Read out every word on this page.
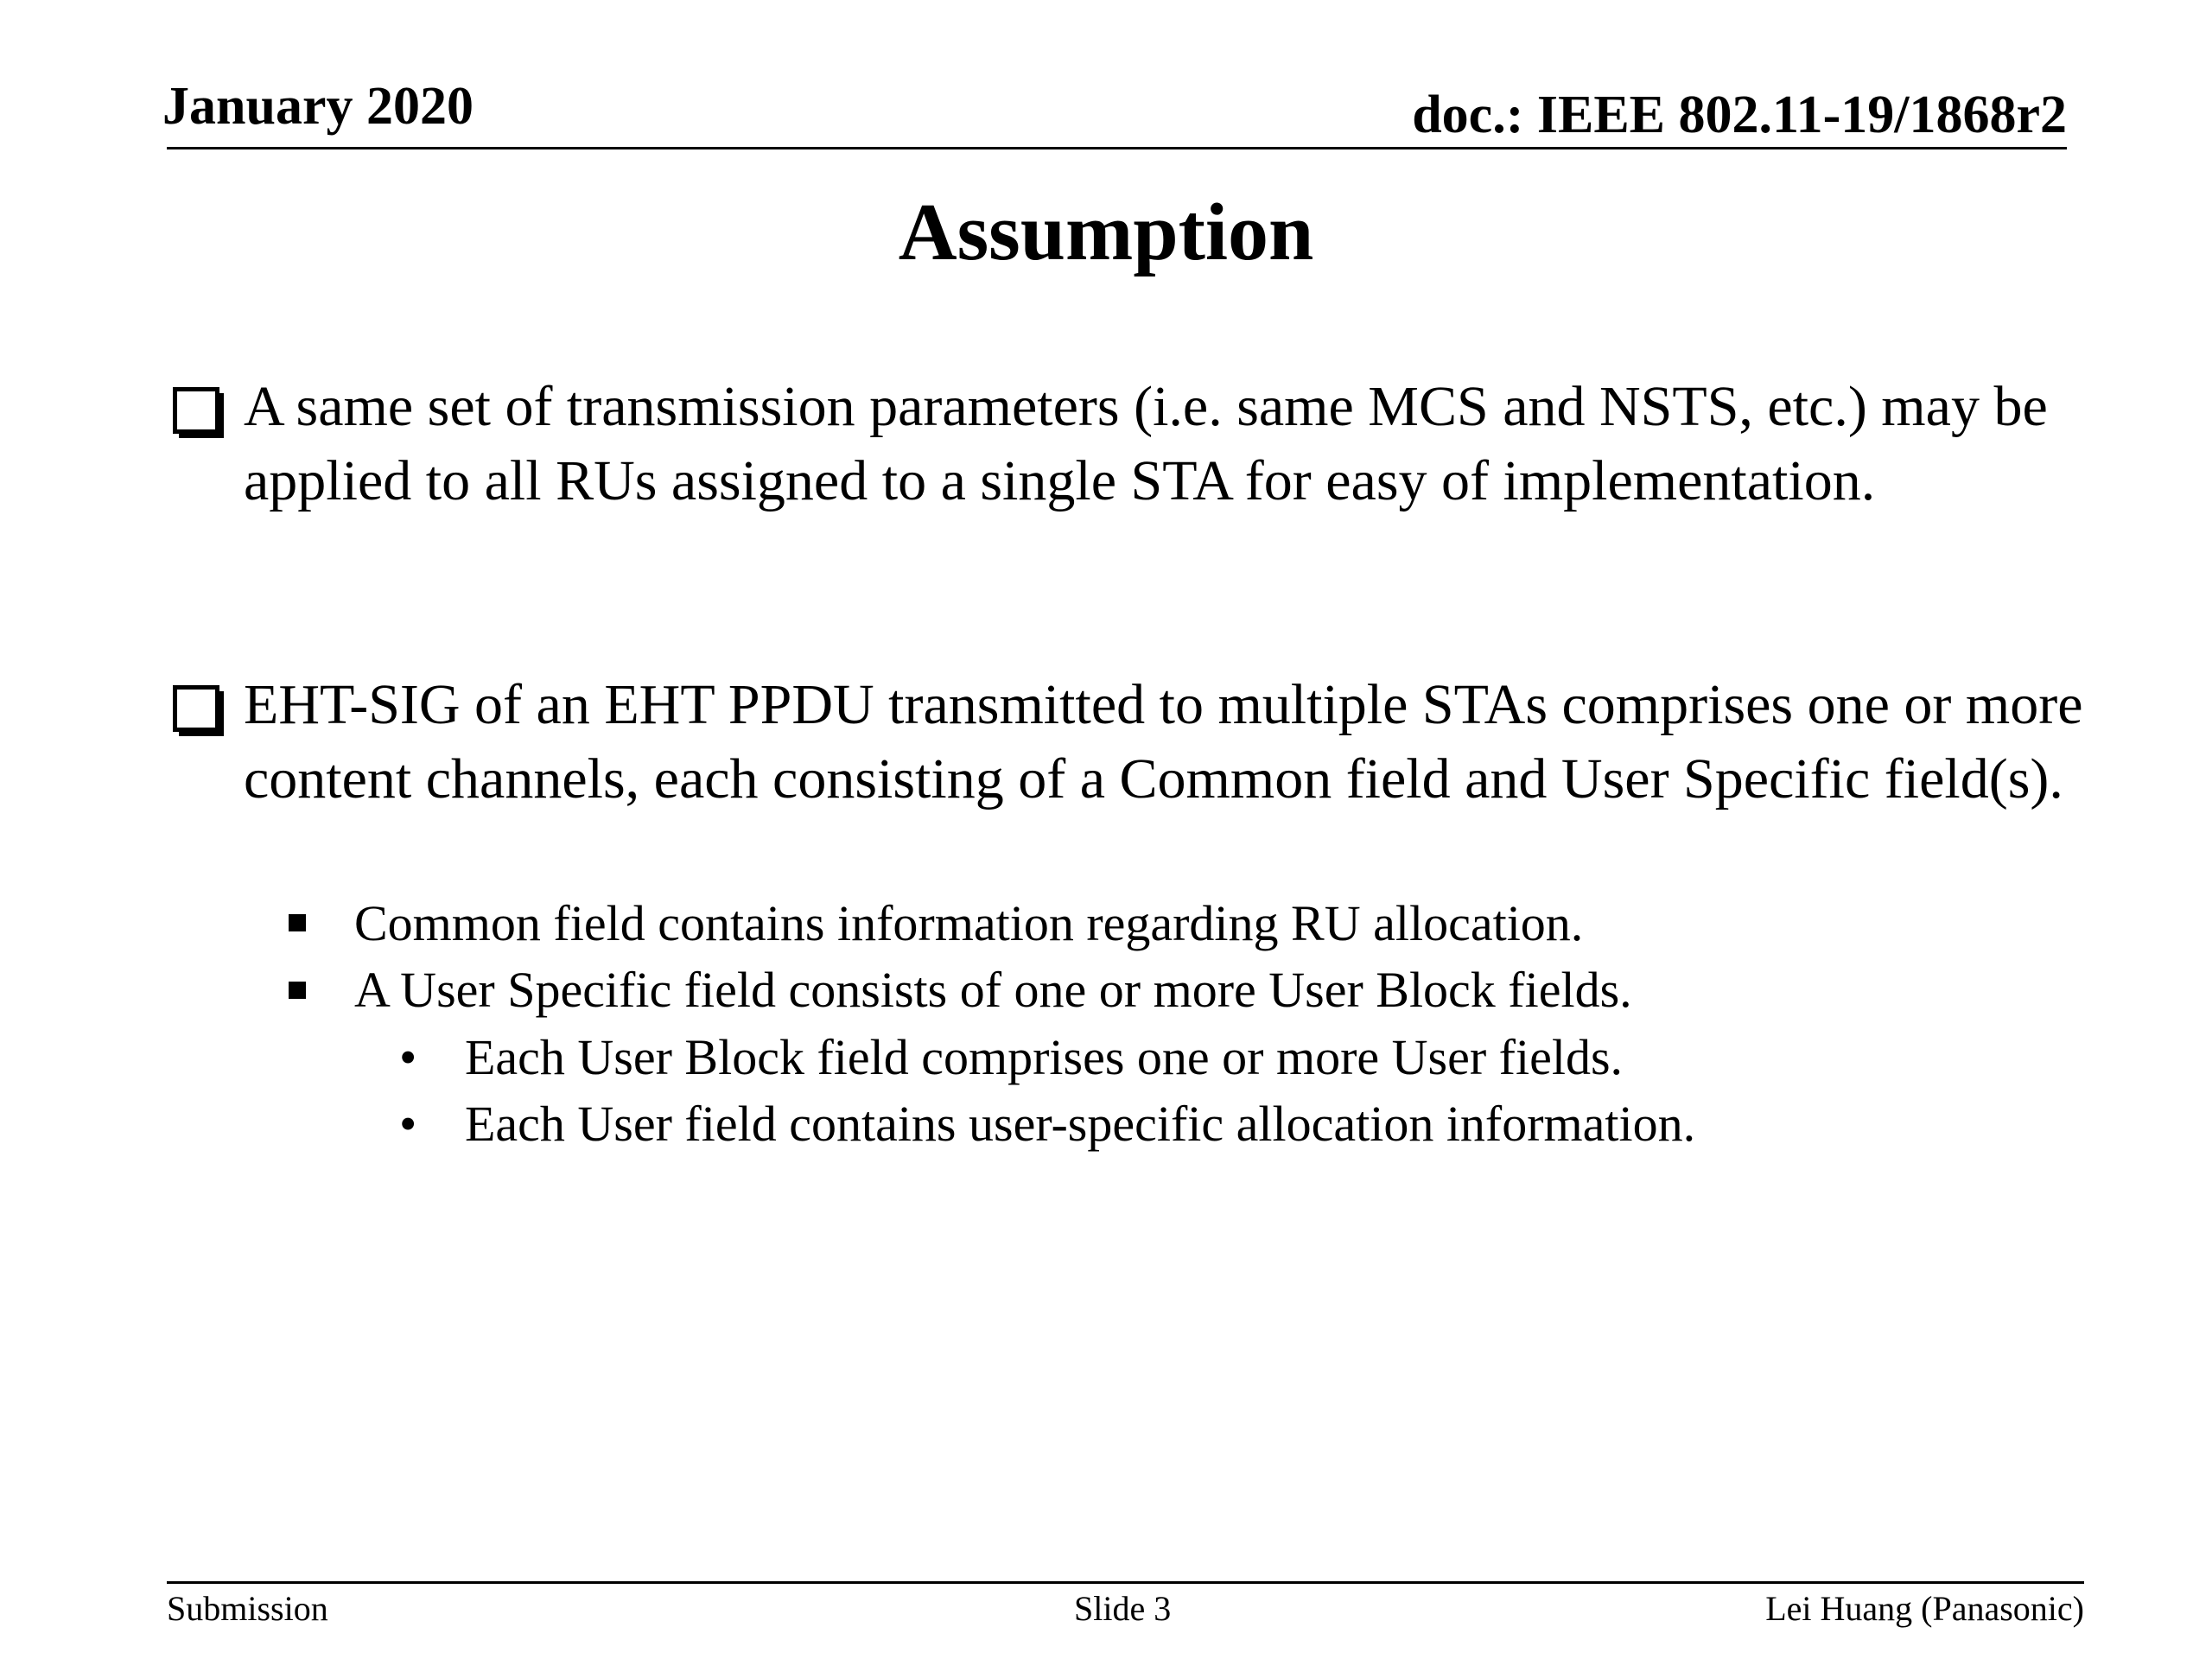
January 2020	doc.: IEEE 802.11-19/1868r2
Assumption
A same set of transmission parameters (i.e. same MCS and NSTS, etc.) may be applied to all RUs assigned to a single STA for easy of implementation.
EHT-SIG of an EHT PPDU transmitted to multiple STAs comprises one or more content channels, each consisting of a Common field and User Specific field(s).
Common field contains information regarding RU allocation.
A User Specific field consists of one or more User Block fields.
• Each User Block field comprises one or more User fields.
• Each User field contains user-specific allocation information.
Submission	Slide 3	Lei Huang (Panasonic)
